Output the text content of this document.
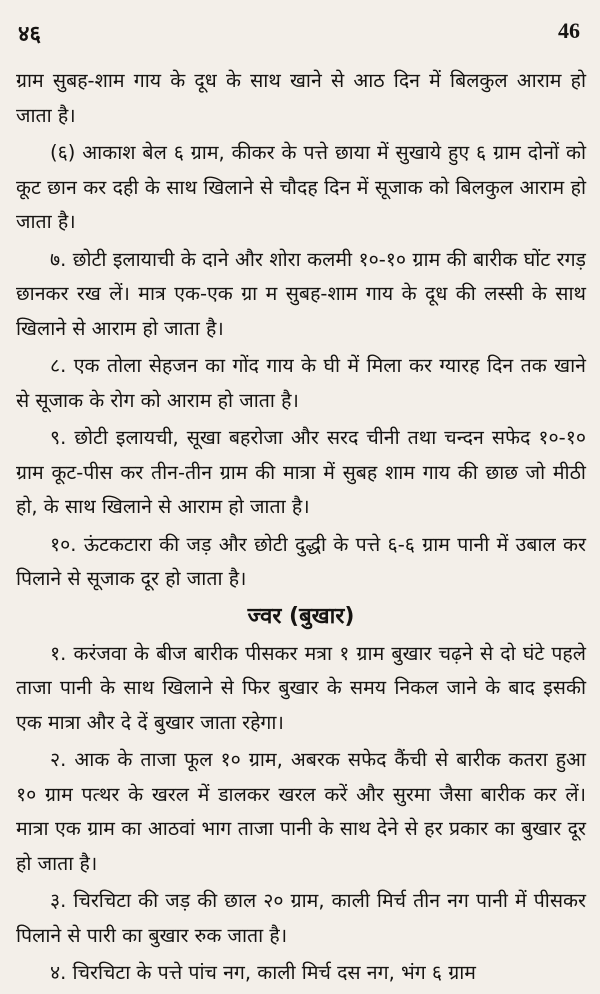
४६	46

ग्राम सुबह-शाम गाय के दूध के साथ खाने से आठ दिन में बिलकुल आराम हो जाता है।

(६) आकाश बेल ६ ग्राम, कीकर के पत्ते छाया में सुखाये हुए ६ ग्राम दोनों को कूट छान कर दही के साथ खिलाने से चौदह दिन में सूजाक को बिलकुल आराम हो जाता है।

७. छोटी इलायाची के दाने और शोरा कलमी १०-१० ग्राम की बारीक घोंट रगड़ छानकर रख लें। मात्र एक-एक ग्रा म सुबह-शाम गाय के दूध की लस्सी के साथ खिलाने से आराम हो जाता है।

८. एक तोला सेहजन का गोंद गाय के घी में मिला कर ग्यारह दिन तक खाने से सूजाक के रोग को आराम हो जाता है।

९. छोटी इलायची, सूखा बहरोजा और सरद चीनी तथा चन्दन सफेद १०-१० ग्राम कूट-पीस कर तीन-तीन ग्राम की मात्रा में सुबह शाम गाय की छाछ जो मीठी हो, के साथ खिलाने से आराम हो जाता है।

१०. ऊंटकटारा की जड़ और छोटी दुद्धी के पत्ते ६-६ ग्राम पानी में उबाल कर पिलाने से सूजाक दूर हो जाता है।

ज्वर (बुखार)

१. करंजवा के बीज बारीक पीसकर मत्रा १ ग्राम बुखार चढ़ने से दो घंटे पहले ताजा पानी के साथ खिलाने से फिर बुखार के समय निकल जाने के बाद इसकी एक मात्रा और दे दें बुखार जाता रहेगा।

२. आक के ताजा फूल १० ग्राम, अबरक सफेद कैंची से बारीक कतरा हुआ १० ग्राम पत्थर के खरल में डालकर खरल करें और सुरमा जैसा बारीक कर लें। मात्रा एक ग्राम का आठवां भाग ताजा पानी के साथ देने से हर प्रकार का बुखार दूर हो जाता है।

३. चिरचिटा की जड़ की छाल २० ग्राम, काली मिर्च तीन नग पानी में पीसकर पिलाने से पारी का बुखार रुक जाता है।

४. चिरचिटा के पत्ते पांच नग, काली मिर्च दस नग, भंग ६ ग्राम
